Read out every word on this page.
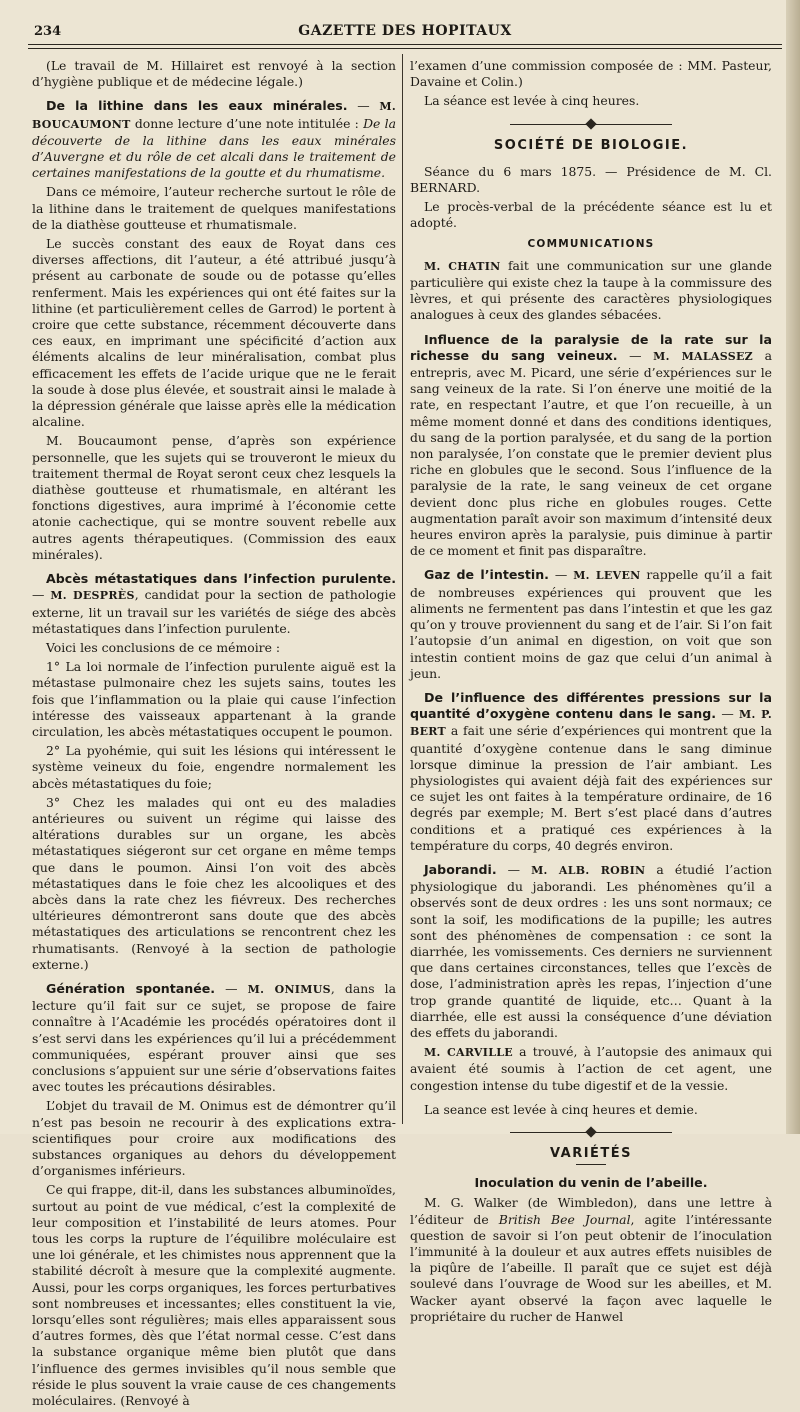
234	GAZETTE DES HOPITAUX

(Le travail de M. Hillairet est renvoyé à la section d’hygiène publique et de médecine légale.)

De la lithine dans les eaux minérales. — M. BOUCAUMONT donne lecture d’une note intitulée : De la découverte de la lithine dans les eaux minérales d’Auvergne et du rôle de cet alcali dans le traitement de certaines manifestations de la goutte et du rhumatisme.

Dans ce mémoire, l’auteur recherche surtout le rôle de la lithine dans le traitement de quelques manifestations de la diathèse goutteuse et rhumatismale.

Le succès constant des eaux de Royat dans ces diverses affections, dit l’auteur, a été attribué jusqu’à présent au carbonate de soude ou de potasse qu’elles renferment. Mais les expériences qui ont été faites sur la lithine (et particulièrement celles de Garrod) le portent à croire que cette substance, récemment découverte dans ces eaux, en imprimant une spécificité d’action aux éléments alcalins de leur minéralisation, combat plus efficacement les effets de l’acide urique que ne le ferait la soude à dose plus élevée, et soustrait ainsi le malade à la dépression générale que laisse après elle la médication alcaline.

M. Boucaumont pense, d’après son expérience personnelle, que les sujets qui se trouveront le mieux du traitement thermal de Royat seront ceux chez lesquels la diathèse goutteuse et rhumatismale, en altérant les fonctions digestives, aura imprimé à l’économie cette atonie cachectique, qui se montre souvent rebelle aux autres agents thérapeutiques. (Commission des eaux minérales).

Abcès métastatiques dans l’infection purulente.— M. DESPRÈS, candidat pour la section de pathologie externe, lit un travail sur les variétés de siége des abcès métastatiques dans l’infection purulente.

Voici les conclusions de ce mémoire :

1° La loi normale de l’infection purulente aiguë est la métastase pulmonaire chez les sujets sains, toutes les fois que l’inflammation ou la plaie qui cause l’infection intéresse des vaisseaux appartenant à la grande circulation, les abcès métastatiques occupent le poumon.

2° La pyohémie, qui suit les lésions qui intéressent le système veineux du foie, engendre normalement les abcès métastatiques du foie;

3° Chez les malades qui ont eu des maladies antérieures ou suivent un régime qui laisse des altérations durables sur un organe, les abcès métastatiques siégeront sur cet organe en même temps que dans le poumon. Ainsi l’on voit des abcès métastatiques dans le foie chez les alcooliques et des abcès dans la rate chez les fiévreux. Des recherches ultérieures démontreront sans doute que des abcès métastatiques des articulations se rencontrent chez les rhumatisants. (Renvoyé à la section de pathologie externe.)

Génération spontanée. — M. ONIMUS, dans la lecture qu’il fait sur ce sujet, se propose de faire connaître à l’Académie les procédés opératoires dont il s’est servi dans les expériences qu’il lui a précédemment communiquées, espérant prouver ainsi que ses conclusions s’appuient sur une série d’observations faites avec toutes les précautions désirables.

L’objet du travail de M. Onimus est de démontrer qu’il n’est pas besoin ne recourir à des explications extra-scientifiques pour croire aux modifications des substances organiques au dehors du développement d’organismes inférieurs.

Ce qui frappe, dit-il, dans les substances albuminoïdes, surtout au point de vue médical, c’est la complexité de leur composition et l’instabilité de leurs atomes. Pour tous les corps la rupture de l’équilibre moléculaire est une loi générale, et les chimistes nous apprennent que la stabilité décroît à mesure que la complexité augmente. Aussi, pour les corps organiques, les forces perturbatives sont nombreuses et incessantes; elles constituent la vie, lorsqu’elles sont régulières; mais elles apparaissent sous d’autres formes, dès que l’état normal cesse. C’est dans la substance organique même bien plutôt que dans l’influence des germes invisibles qu’il nous semble que réside le plus souvent la vraie cause de ces changements moléculaires. (Renvoyé à

l’examen d’une commission composée de : MM. Pasteur, Davaine et Colin.)

La séance est levée à cinq heures.

SOCIÉTÉ DE BIOLOGIE.

Séance du 6 mars 1875. — Présidence de M. Cl. BERNARD.

Le procès-verbal de la précédente séance est lu et adopté.

COMMUNICATIONS

M. CHATIN fait une communication sur une glande particulière qui existe chez la taupe à la commissure des lèvres, et qui présente des caractères physiologiques analogues à ceux des glandes sébacées.

Influence de la paralysie de la rate sur la richesse du sang veineux. — M. MALASSEZ a entrepris, avec M. Picard, une série d’expériences sur le sang veineux de la rate. Si l’on énerve une moitié de la rate, en respectant l’autre, et que l’on recueille, à un même moment donné et dans des conditions identiques, du sang de la portion paralysée, et du sang de la portion non paralysée, l’on constate que le premier devient plus riche en globules que le second. Sous l’influence de la paralysie de la rate, le sang veineux de cet organe devient donc plus riche en globules rouges. Cette augmentation paraît avoir son maximum d’intensité deux heures environ après la paralysie, puis diminue à partir de ce moment et finit pas disparaître.

Gaz de l’intestin. — M. LEVEN rappelle qu’il a fait de nombreuses expériences qui prouvent que les aliments ne fermentent pas dans l’intestin et que les gaz qu’on y trouve proviennent du sang et de l’air. Si l’on fait l’autopsie d’un animal en digestion, on voit que son intestin contient moins de gaz que celui d’un animal à jeun.

De l’influence des différentes pressions sur la quantité d’oxygène contenu dans le sang. — M. P. BERT a fait une série d’expériences qui montrent que la quantité d’oxygène contenue dans le sang diminue lorsque diminue la pression de l’air ambiant. Les physiologistes qui avaient déjà fait des expériences sur ce sujet les ont faites à la température ordinaire, de 16 degrés par exemple; M. Bert s’est placé dans d’autres conditions et a pratiqué ces expériences à la température du corps, 40 degrés environ.

Jaborandi. — M. ALB. ROBIN a étudié l’action physiologique du jaborandi. Les phénomènes qu’il a observés sont de deux ordres : les uns sont normaux; ce sont la soif, les modifications de la pupille; les autres sont des phénomènes de compensation : ce sont la diarrhée, les vomissements. Ces derniers ne surviennent que dans certaines circonstances, telles que l’excès de dose, l’administration après les repas, l’injection d’une trop grande quantité de liquide, etc… Quant à la diarrhée, elle est aussi la conséquence d’une déviation des effets du jaborandi.

M. CARVILLE a trouvé, à l’autopsie des animaux qui avaient été soumis à l’action de cet agent, une congestion intense du tube digestif et de la vessie.

La seance est levée à cinq heures et demie.

VARIÉTÉS
Inoculation du venin de l’abeille.

M. G. Walker (de Wimbledon), dans une lettre à l’éditeur de British Bee Journal, agite l’intéressante question de savoir si l’on peut obtenir de l’inoculation l’immunité à la douleur et aux autres effets nuisibles de la piqûre de l’abeille. Il paraît que ce sujet est déjà soulevé dans l’ouvrage de Wood sur les abeilles, et M. Wacker ayant observé la façon avec laquelle le propriétaire du rucher de Hanwel
